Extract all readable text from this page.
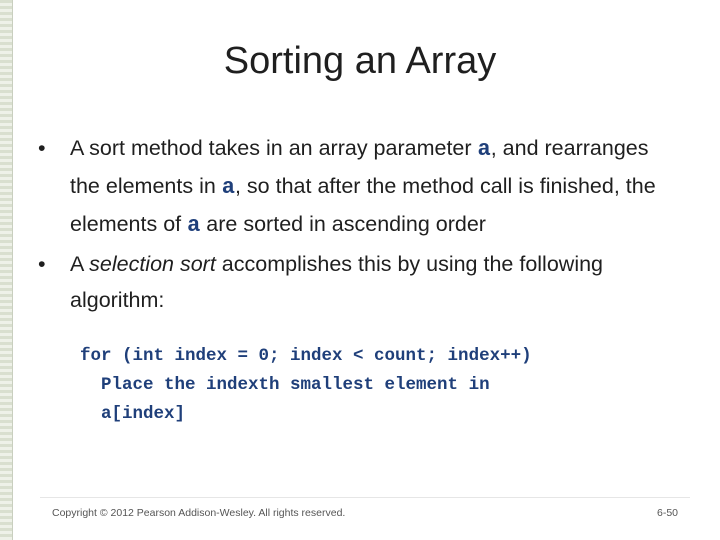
Sorting an Array
• A sort method takes in an array parameter a, and rearranges the elements in a, so that after the method call is finished, the elements of a are sorted in ascending order
• A selection sort accomplishes this by using the following algorithm:
for (int index = 0; index < count; index++)
Place the indexth smallest element in
a[index]
Copyright © 2012 Pearson Addison-Wesley. All rights reserved.	6-50
